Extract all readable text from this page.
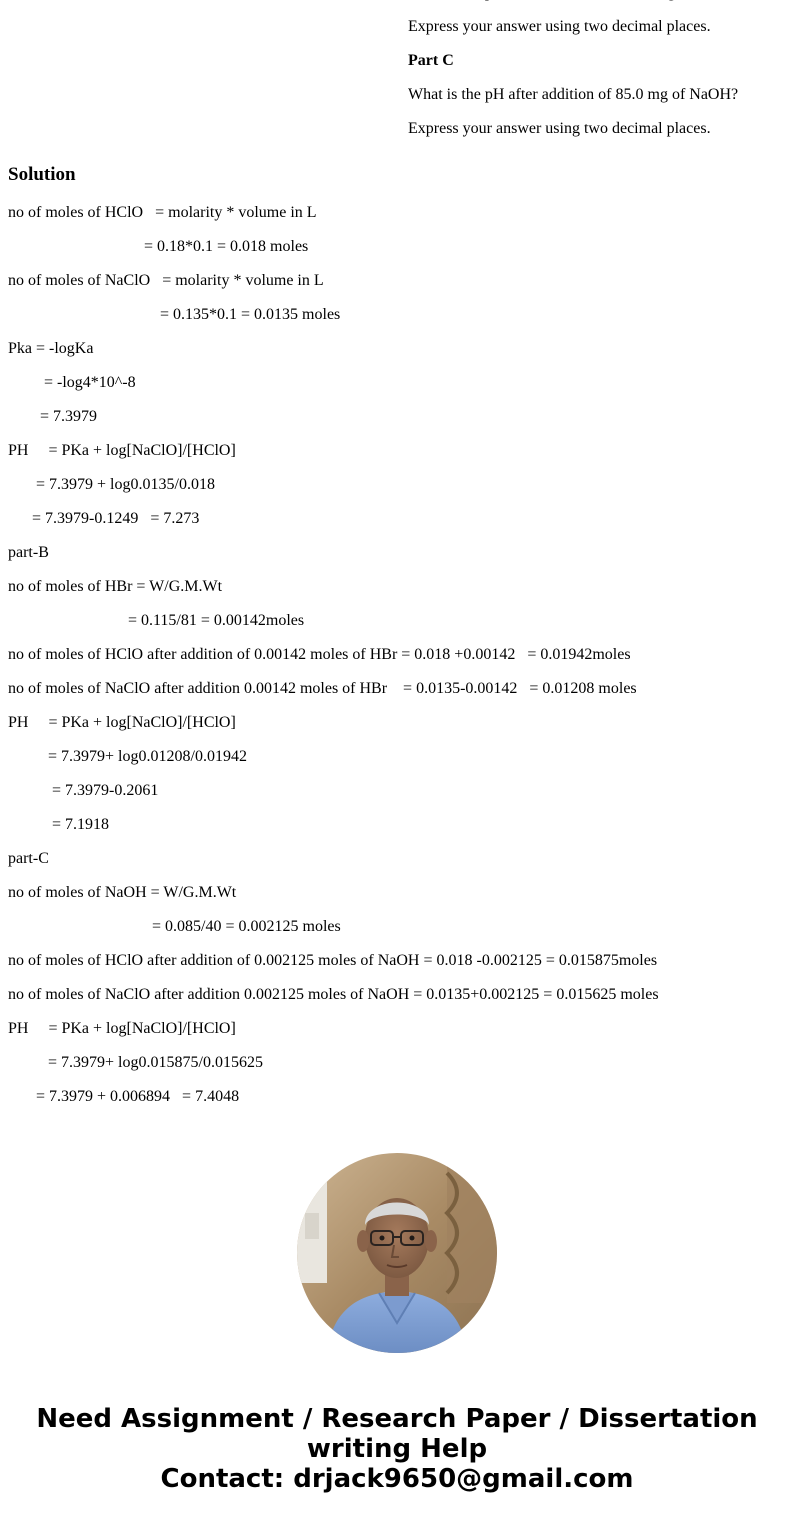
Express your answer using two decimal places.
Part C
What is the pH after addition of 85.0 mg of NaOH?
Express your answer using two decimal places.
Solution
no of moles of HClO   = molarity * volume in L
= 0.18*0.1 = 0.018 moles
no of moles of NaClO   = molarity * volume in L
= 0.135*0.1 = 0.0135 moles
Pka = -logKa
= -log4*10^-8
= 7.3979
PH     = PKa + log[NaClO]/[HClO]
= 7.3979 + log0.0135/0.018
= 7.3979-0.1249   = 7.273
part-B
no of moles of HBr = W/G.M.Wt
= 0.115/81 = 0.00142moles
no of moles of HClO after addition of 0.00142 moles of HBr = 0.018 +0.00142   = 0.01942moles
no of moles of NaClO after addition 0.00142 moles of HBr    = 0.0135-0.00142   = 0.01208 moles
PH     = PKa + log[NaClO]/[HClO]
= 7.3979+ log0.01208/0.01942
= 7.3979-0.2061
= 7.1918
part-C
no of moles of NaOH = W/G.M.Wt
= 0.085/40 = 0.002125 moles
no of moles of HClO after addition of 0.002125 moles of NaOH = 0.018 -0.002125 = 0.015875moles
no of moles of NaClO after addition 0.002125 moles of NaOH = 0.0135+0.002125 = 0.015625 moles
PH     = PKa + log[NaClO]/[HClO]
= 7.3979+ log0.015875/0.015625
= 7.3979 + 0.006894   = 7.4048
Need Assignment / Research Paper / Dissertation
writing Help
Contact: drjack9650@gmail.com
